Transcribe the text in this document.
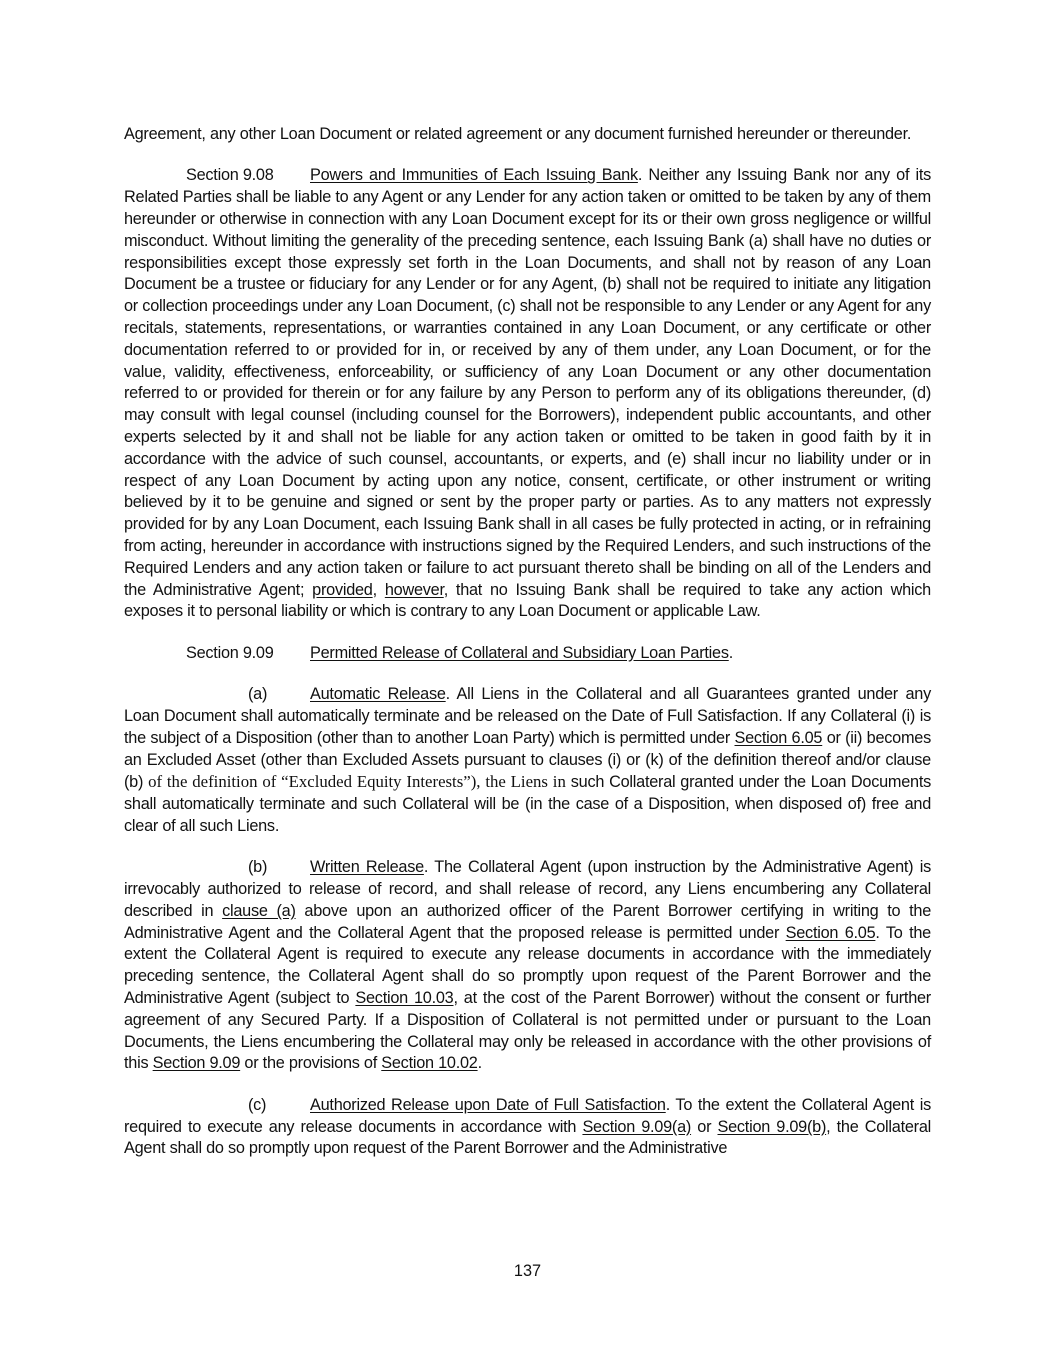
Agreement, any other Loan Document or related agreement or any document furnished hereunder or thereunder.

Section 9.08 Powers and Immunities of Each Issuing Bank. Neither any Issuing Bank nor any of its Related Parties shall be liable to any Agent or any Lender for any action taken or omitted to be taken by any of them hereunder or otherwise in connection with any Loan Document except for its or their own gross negligence or willful misconduct. Without limiting the generality of the preceding sentence, each Issuing Bank (a) shall have no duties or responsibilities except those expressly set forth in the Loan Documents, and shall not by reason of any Loan Document be a trustee or fiduciary for any Lender or for any Agent, (b) shall not be required to initiate any litigation or collection proceedings under any Loan Document, (c) shall not be responsible to any Lender or any Agent for any recitals, statements, representations, or warranties contained in any Loan Document, or any certificate or other documentation referred to or provided for in, or received by any of them under, any Loan Document, or for the value, validity, effectiveness, enforceability, or sufficiency of any Loan Document or any other documentation referred to or provided for therein or for any failure by any Person to perform any of its obligations thereunder, (d) may consult with legal counsel (including counsel for the Borrowers), independent public accountants, and other experts selected by it and shall not be liable for any action taken or omitted to be taken in good faith by it in accordance with the advice of such counsel, accountants, or experts, and (e) shall incur no liability under or in respect of any Loan Document by acting upon any notice, consent, certificate, or other instrument or writing believed by it to be genuine and signed or sent by the proper party or parties. As to any matters not expressly provided for by any Loan Document, each Issuing Bank shall in all cases be fully protected in acting, or in refraining from acting, hereunder in accordance with instructions signed by the Required Lenders, and such instructions of the Required Lenders and any action taken or failure to act pursuant thereto shall be binding on all of the Lenders and the Administrative Agent; provided, however, that no Issuing Bank shall be required to take any action which exposes it to personal liability or which is contrary to any Loan Document or applicable Law.

Section 9.09 Permitted Release of Collateral and Subsidiary Loan Parties.

(a)	Automatic Release. All Liens in the Collateral and all Guarantees granted under any Loan Document shall automatically terminate and be released on the Date of Full Satisfaction. If any Collateral (i) is the subject of a Disposition (other than to another Loan Party) which is permitted under Section 6.05 or (ii) becomes an Excluded Asset (other than Excluded Assets pursuant to clauses (i) or (k) of the definition thereof and/or clause (b) of the definition of “Excluded Equity Interests”), the Liens in such Collateral granted under the Loan Documents shall automatically terminate and such Collateral will be (in the case of a Disposition, when disposed of) free and clear of all such Liens.

(b)	Written Release. The Collateral Agent (upon instruction by the Administrative Agent) is irrevocably authorized to release of record, and shall release of record, any Liens encumbering any Collateral described in clause (a) above upon an authorized officer of the Parent Borrower certifying in writing to the Administrative Agent and the Collateral Agent that the proposed release is permitted under Section 6.05. To the extent the Collateral Agent is required to execute any release documents in accordance with the immediately preceding sentence, the Collateral Agent shall do so promptly upon request of the Parent Borrower and the Administrative Agent (subject to Section 10.03, at the cost of the Parent Borrower) without the consent or further agreement of any Secured Party. If a Disposition of Collateral is not permitted under or pursuant to the Loan Documents, the Liens encumbering the Collateral may only be released in accordance with the other provisions of this Section 9.09 or the provisions of Section 10.02.

(c)	Authorized Release upon Date of Full Satisfaction. To the extent the Collateral Agent is required to execute any release documents in accordance with Section 9.09(a) or Section 9.09(b), the Collateral Agent shall do so promptly upon request of the Parent Borrower and the Administrative

137
